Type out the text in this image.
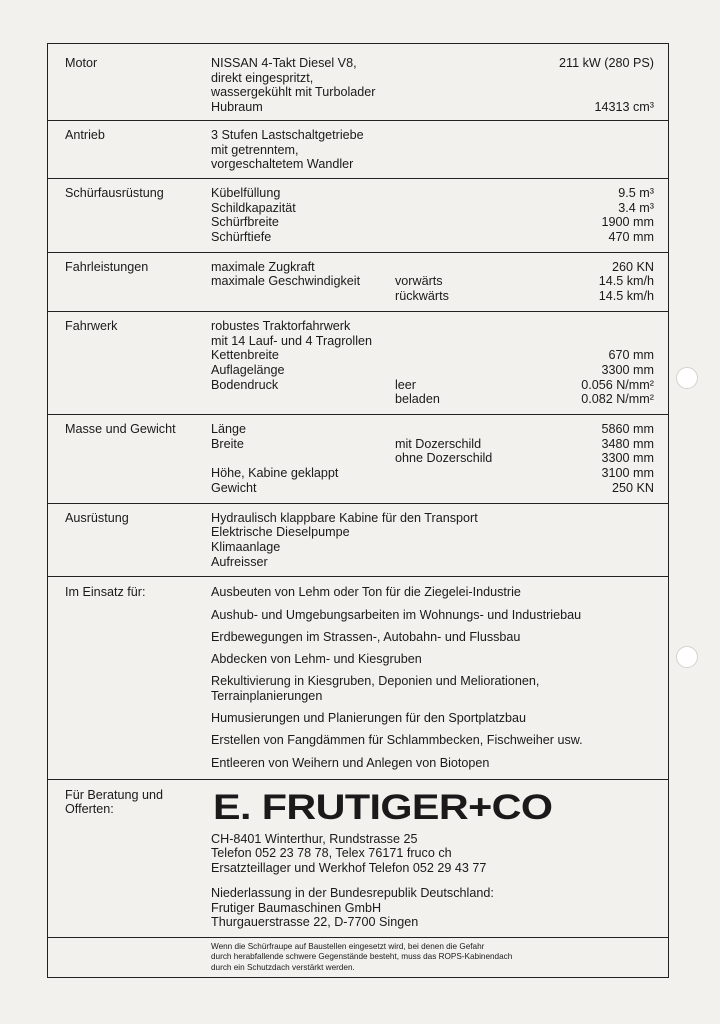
Motor	NISSAN 4-Takt Diesel V8,	211 kW (280 PS)
direkt eingespritzt,
wassergekühlt mit Turbolader
Hubraum	14313 cm³
Antrieb	3 Stufen Lastschaltgetriebe
mit getrenntem,
vorgeschaltetem Wandler
Schürfausrüstung	Kübelfüllung	9.5 m³
Schildkapazität	3.4 m³
Schürfbreite	1900 mm
Schürftiefe	470 mm
Fahrleistungen	maximale Zugkraft	260 KN
maximale Geschwindigkeit	vorwärts	14.5 km/h
rückwärts	14.5 km/h
Fahrwerk	robustes Traktorfahrwerk
mit 14 Lauf- und 4 Tragrollen
Kettenbreite	670 mm
Auflagelänge	3300 mm
Bodendruck	leer	0.056 N/mm²
beladen	0.082 N/mm²
Masse und Gewicht	Länge	5860 mm
Breite	mit Dozerschild	3480 mm
ohne Dozerschild	3300 mm
Höhe, Kabine geklappt	3100 mm
Gewicht	250 KN
Ausrüstung	Hydraulisch klappbare Kabine für den Transport
Elektrische Dieselpumpe
Klimaanlage
Aufreisser
Im Einsatz für:	Ausbeuten von Lehm oder Ton für die Ziegelei-Industrie
Aushub- und Umgebungsarbeiten im Wohnungs- und Industriebau
Erdbewegungen im Strassen-, Autobahn- und Flussbau
Abdecken von Lehm- und Kiesgruben
Rekultivierung in Kiesgruben, Deponien und Meliorationen, Terrainplanierungen
Humusierungen und Planierungen für den Sportplatzbau
Erstellen von Fangdämmen für Schlammbecken, Fischweiher usw.
Entleeren von Weihern und Anlegen von Biotopen
Für Beratung und
Offerten:	E. FRUTIGER+CO
CH-8401 Winterthur, Rundstrasse 25
Telefon 052 23 78 78, Telex 76171 fruco ch
Ersatzteillager und Werkhof Telefon 052 29 43 77
Niederlassung in der Bundesrepublik Deutschland:
Frutiger Baumaschinen GmbH
Thurgauerstrasse 22, D-7700 Singen
Wenn die Schürfraupe auf Baustellen eingesetzt wird, bei denen die Gefahr
durch herabfallende schwere Gegenstände besteht, muss das ROPS-Kabinendach
durch ein Schutzdach verstärkt werden.
